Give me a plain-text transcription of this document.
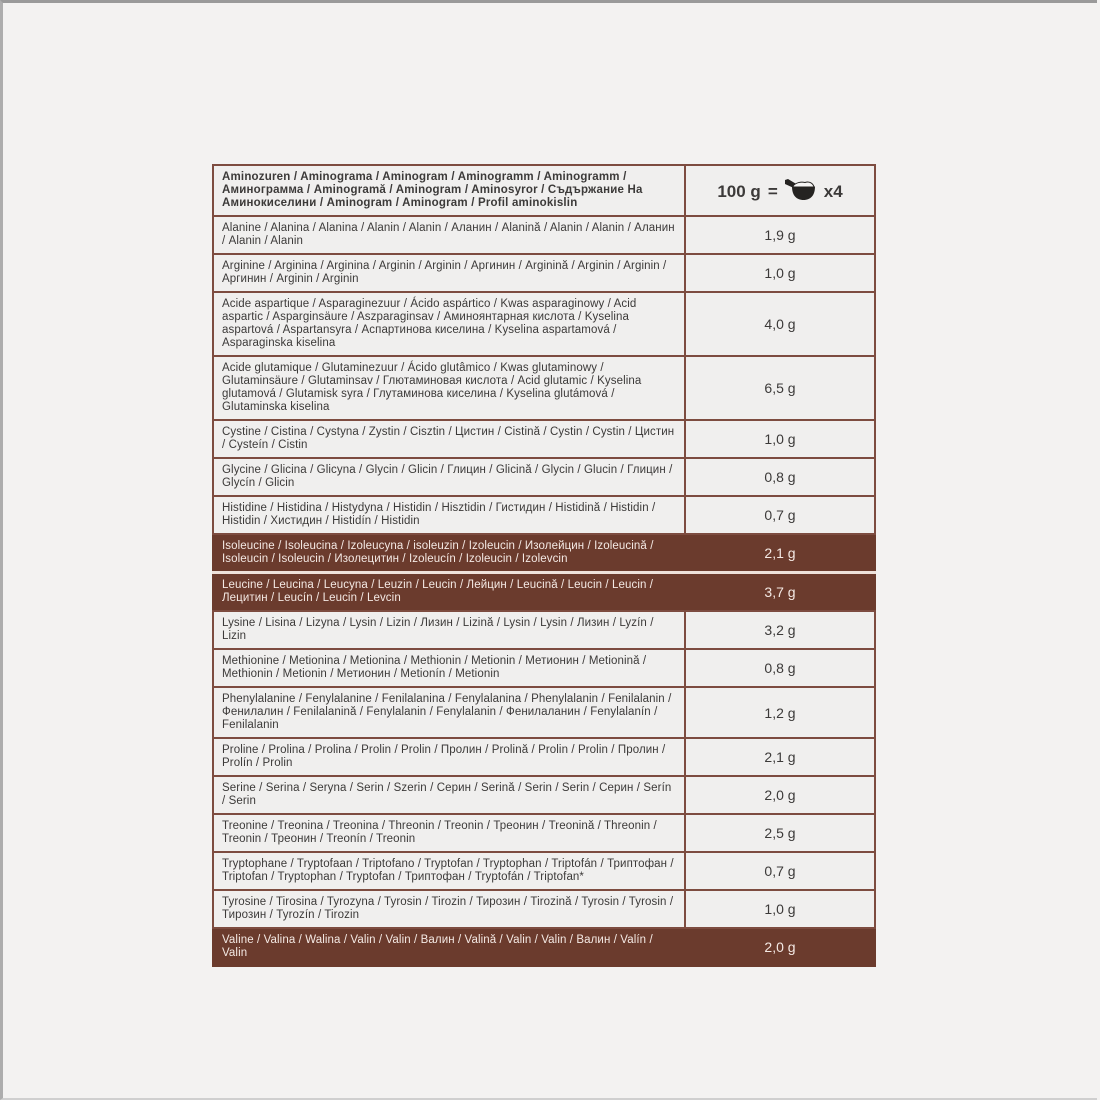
Aminozuren / Aminograma / Aminogram / Aminogramm / Aminogramm / Аминограмма / Aminogramă / Aminogram / Aminosyror / Съдържание На Аминокиселини / Aminogram / Aminogram / Profil aminokislin	100 g = x4
Alanine / Alanina / Alanina / Alanin / Alanin / Аланин / Alanină / Alanin / Alanin / Аланин / Alanin / Alanin	1,9 g
Arginine / Arginina / Arginina / Arginin / Arginin / Аргинин / Arginină / Arginin / Arginin / Аргинин / Arginin / Arginin	1,0 g
Acide aspartique / Asparaginezuur / Ácido aspártico / Kwas asparaginowy / Acid aspartic / Asparginsäure / Aszparaginsav / Аминоянтарная кислота / Kyselina aspartová / Aspartansyra / Аспартинова киселина / Kyselina aspartamová / Asparaginska kiselina	4,0 g
Acide glutamique / Glutaminezuur / Ácido glutâmico / Kwas glutaminowy / Glutaminsäure / Glutaminsav / Глютаминовая кислота / Acid glutamic / Kyselina glutamová / Glutamisk syra / Глутаминова киселина / Kyselina glutámová / Glutaminska kiselina	6,5 g
Cystine / Cistina / Cystyna / Zystin / Cisztin / Цистин / Cistină / Cystin / Cystin / Цистин / Cysteín / Cistin	1,0 g
Glycine / Glicina / Glicyna / Glycin / Glicin / Глицин / Glicină / Glycin / Glucin / Глицин / Glycín / Glicin	0,8 g
Histidine / Histidina / Histydyna / Histidin / Hisztidin / Гистидин / Histidină / Histidin / Histidin / Хистидин / Histidín / Histidin	0,7 g
Isoleucine / Isoleucina / Izoleucyna / isoleuzin / Izoleucin / Изолейцин / Izoleucină / Isoleucin / Isoleucin / Изолецитин / Izoleucín / Izoleucin / Izolevcin	2,1 g
Leucine / Leucina / Leucyna / Leuzin / Leucin / Лейцин / Leucină / Leucin / Leucin / Лецитин / Leucín / Leucin / Levcin	3,7 g
Lysine / Lisina / Lizyna / Lysin / Lizin / Лизин / Lizină / Lysin / Lysin / Лизин / Lyzín / Lizin	3,2 g
Methionine / Metionina / Metionina / Methionin / Metionin / Метионин / Metionină / Methionin / Metionin / Метионин / Metionín / Metionin	0,8 g
Phenylalanine / Fenylalanine / Fenilalanina / Fenylalanina / Phenylalanin / Fenilalanin / Фенилалин / Fenilalanină / Fenylalanin / Fenylalanin / Фенилаланин / Fenylalanín / Fenilalanin	1,2 g
Proline / Prolina / Prolina / Prolin / Prolin / Пролин / Prolină / Prolin / Prolin / Пролин / Prolín / Prolin	2,1 g
Serine / Serina / Seryna / Serin / Szerin / Серин / Serină / Serin / Serin / Серин / Serín / Serin	2,0 g
Treonine / Treonina / Treonina / Threonin / Treonin / Треонин / Treonină / Threonin / Treonin / Треонин / Treonín / Treonin	2,5 g
Tryptophane / Tryptofaan / Triptofano / Tryptofan / Tryptophan / Triptofán / Триптофан / Triptofan / Tryptophan / Tryptofan / Триптофан / Tryptofán / Triptofan*	0,7 g
Tyrosine / Tirosina / Tyrozyna / Tyrosin / Tirozin / Тирозин / Tirozină / Tyrosin / Tyrosin / Тирозин / Tyrozín / Tirozin	1,0 g
Valine / Valina / Walina / Valin / Valin / Валин / Valină / Valin / Valin / Валин / Valín / Valin	2,0 g
